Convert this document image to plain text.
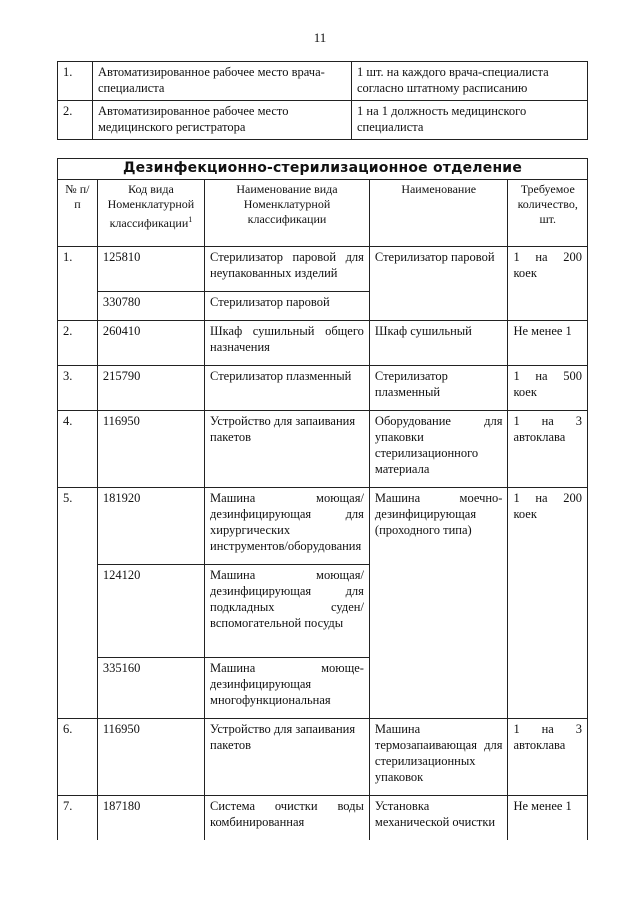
11
1.	Автоматизированное рабочее место врача-специалиста	1 шт. на каждого врача-специалиста согласно штатному расписанию
2.	Автоматизированное рабочее место медицинского регистратора	1 на 1 должность медицинского специалиста
Дезинфекционно-стерилизационное отделение				
№ п/п	Код вида Номенклатурной классификации$^1$	Наименование вида Номенклатурной классификации	Наименование	Требуемое количество, шт.
1.	125810	Стерилизатор паровой для неупакованных изделий	Стерилизатор паровой	1 на 200 коек
	330780	Стерилизатор паровой		
2.	260410	Шкаф сушильный общего назначения	Шкаф сушильный	Не менее 1
3.	215790	Стерилизатор плазменный	Стерилизатор плазменный	1 на 500 коек
4.	116950	Устройство для запаивания пакетов	Оборудование для упаковки стерилизационного материала	1 на 3 автоклава
5.	181920	Машина моющая/дезинфицирующая для хирургических инструментов/оборудования	Машина моечно-дезинфицирующая (проходного типа)	1 на 200 коек
	124120	Машина моющая/дезинфицирующая для подкладных суден/вспомогательной посуды		
	335160	Машина моюще-дезинфицирующая многофункциональная		
6.	116950	Устройство для запаивания пакетов	Машина термозапаивающая для стерилизационных упаковок	1 на 3 автоклава
7.	187180	Система очистки воды комбинированная	Установка механической очистки	Не менее 1
